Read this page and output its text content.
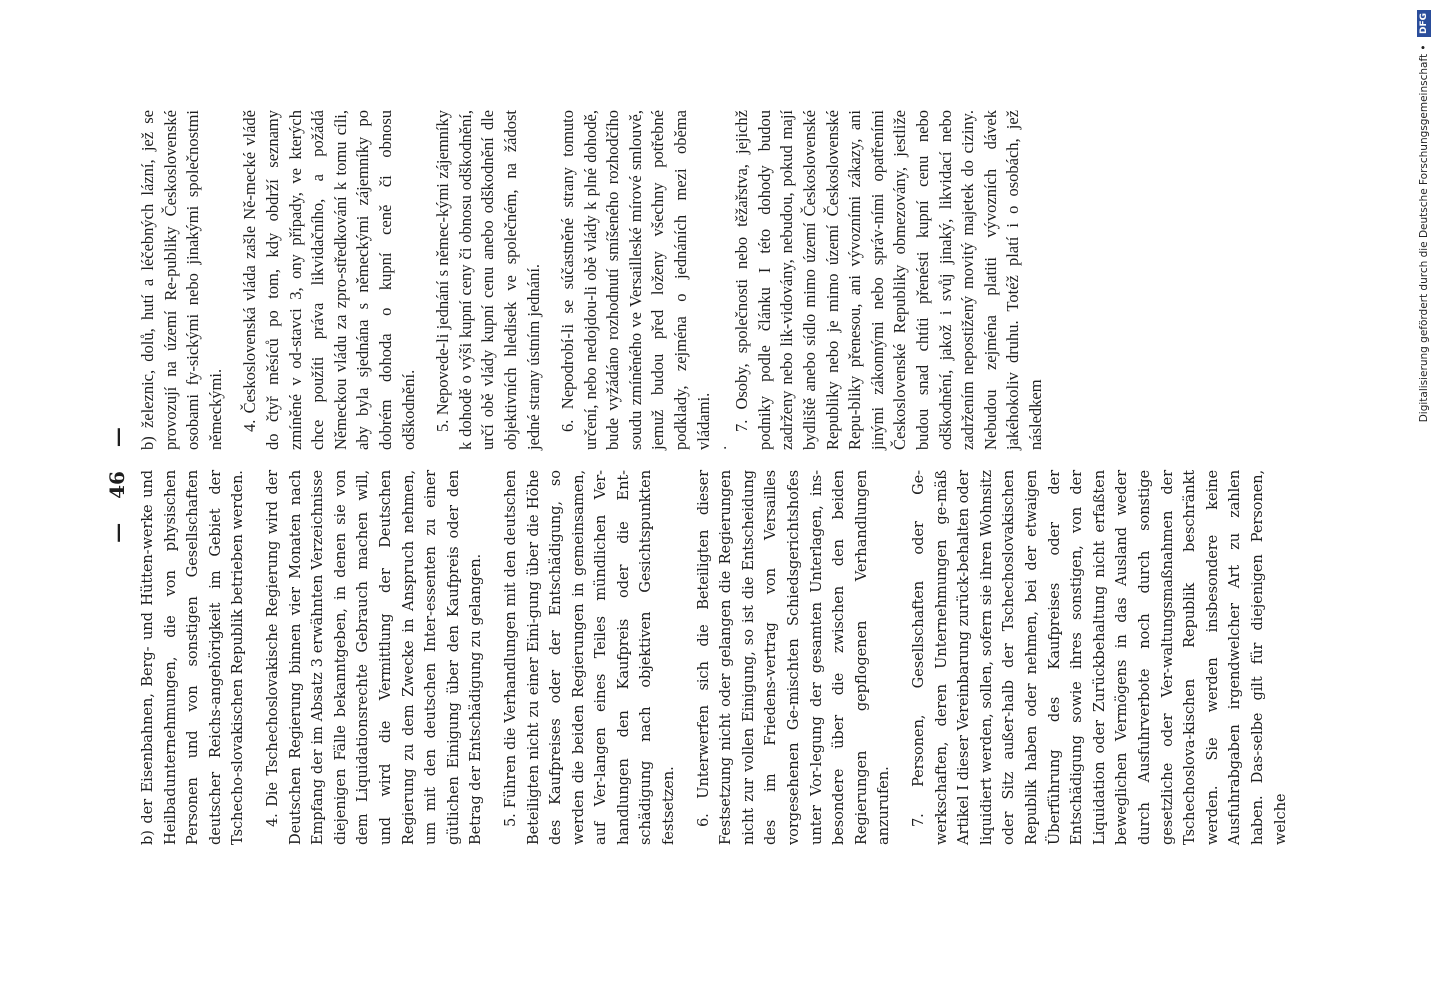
—46—

b) der Eisenbahnen, Berg- und Hütten-werke und Heilbadunternehmungen, die von physischen Personen und von sonstigen Gesellschaften deutscher Reichs-angehörigkeit im Gebiet der Tschecho-slovakischen Republik betrieben werden. 4. Die Tschechoslovakische Regierung wird der Deutschen Regierung binnen vier Monaten nach Empfang der im Absatz 3 erwähnten Verzeichnisse diejenigen Fälle bekanntgeben, in denen sie von dem Liquidationsrechte Gebrauch machen will, und wird die Vermittlung der Deutschen Regierung zu dem Zwecke in Anspruch nehmen, um mit den deutschen Inter-essenten zu einer gütlichen Einigung über den Kaufpreis oder den Betrag der Entschädigung zu gelangen. 5. Führen die Verhandlungen mit den deutschen Beteiligten nicht zu einer Eini-gung über die Höhe des Kaufpreises oder der Entschädigung, so werden die beiden Regierungen in gemeinsamen, auf Ver-langen eines Teiles mündlichen Ver-handlungen den Kaufpreis oder die Ent-schädigung nach objektiven Gesichtspunkten festsetzen. 6. Unterwerfen sich die Beteiligten dieser Festsetzung nicht oder gelangen die Regierungen nicht zur vollen Einigung, so ist die Entscheidung des im Friedens-vertrag von Versailles vorgesehenen Ge-mischten Schiedsgerichtshofes unter Vor-legung der gesamten Unterlagen, ins-besondere über die zwischen den beiden Regierungen gepflogenen Verhandlungen anzurufen. 7. Personen, Gesellschaften oder Ge-werkschaften, deren Unternehmungen ge-mäß Artikel I dieser Vereinbarung zurück-behalten oder liquidiert werden, sollen, sofern sie ihren Wohnsitz oder Sitz außer-halb der Tschechoslovakischen Republik haben oder nehmen, bei der etwaigen Überführung des Kaufpreises oder der Entschädigung sowie ihres sonstigen, von der Liquidation oder Zurückbehaltung nicht erfaßten beweglichen Vermögens in das Ausland weder durch Ausfuhrverbote noch durch sonstige gesetzliche oder Ver-waltungsmaßnahmen der Tschechoslova-kischen Republik beschränkt werden. Sie werden insbesondere keine Ausfuhrabgaben irgendwelcher Art zu zahlen haben. Das-selbe gilt für diejenigen Personen, welche

b) železnic, dolů, hutí a léčebných lázní, jež se provozují na území Re-publiky Československé osobami fy-sickými nebo jinakými společnostmi německými. 4. Československá vláda zašle Ně-mecké vládě do čtyř měsíců po tom, kdy obdrží seznamy zmíněné v od-stavci 3, ony případy, ve kterých chce použíti práva likvidačního, a požádá Německou vládu za zpro-středkování k tomu cíli, aby byla sjednána s německými zájemníky po dobrém dohoda o kupní ceně či obnosu odškodnění. 5. Nepovede-li jednání s němec-kými zájemníky k dohodě o výši kupní ceny či obnosu odškodnění, určí obě vlády kupní cenu anebo odškodnění dle objektivních hledisek ve společném, na žádost jedné strany ústním jednání. 6. Nepodrobí-li se súčastněné strany tomuto určení, nebo nedojdou-li obě vlády k plné dohodě, bude vyžádáno rozhodnutí smíšeného rozhodčího soudu zmíněného ve Versailleské mírové smlouvě, jemuž budou před loženy všechny potřebné podklady, zejména o jednáních mezi oběma vládami. ·

7. Osoby, společnosti nebo těžařstva, jejichž podniky podle článku I této dohody budou zadrženy nebo lik-vidovány, nebudou, pokud mají bydliště anebo sídlo mimo území Československé Republiky nebo je mimo území Československé Repu-bliky přenesou, ani vývozními zákazy, ani jinými zákonnými nebo správ-ními opatřeními Československé Republiky obmezovány, jestliže budou snad chtíti přenésti kupní cenu nebo odškodnění, jakož i svůj jinaký, likvidací nebo zadržením nepostižený movitý majetek do ciziny. Nebudou zejména platiti vývozních dávek jakéhokoliv druhu. Totéž platí i o osobách, jež následkem	Digitalisierung gefördert durch die Deutsche Forschungsgemeinschaft • DFG
